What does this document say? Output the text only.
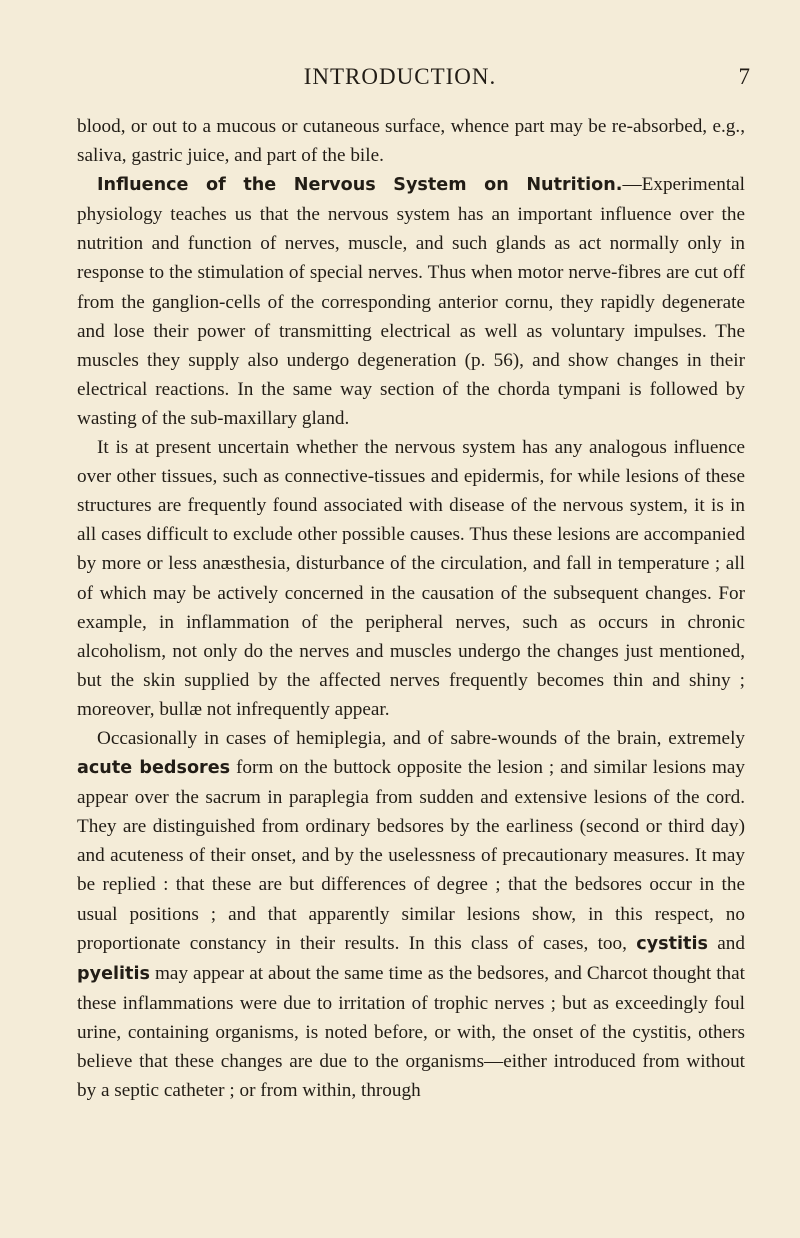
INTRODUCTION.	7

blood, or out to a mucous or cutaneous surface, whence part may be re-absorbed, e.g., saliva, gastric juice, and part of the bile.

Influence of the Nervous System on Nutrition.—Experimental physiology teaches us that the nervous system has an important influence over the nutrition and function of nerves, muscle, and such glands as act normally only in response to the stimulation of special nerves. Thus when motor nerve-fibres are cut off from the ganglion-cells of the corresponding anterior cornu, they rapidly degenerate and lose their power of transmitting electrical as well as voluntary impulses. The muscles they supply also undergo degeneration (p. 56), and show changes in their electrical reactions. In the same way section of the chorda tympani is followed by wasting of the sub-maxillary gland.

It is at present uncertain whether the nervous system has any analogous influence over other tissues, such as connective-tissues and epidermis, for while lesions of these structures are frequently found associated with disease of the nervous system, it is in all cases difficult to exclude other possible causes. Thus these lesions are accompanied by more or less anæsthesia, disturbance of the circulation, and fall in temperature ; all of which may be actively concerned in the causation of the subsequent changes. For example, in inflammation of the peripheral nerves, such as occurs in chronic alcoholism, not only do the nerves and muscles undergo the changes just mentioned, but the skin supplied by the affected nerves frequently becomes thin and shiny ; moreover, bullæ not infrequently appear.

Occasionally in cases of hemiplegia, and of sabre-wounds of the brain, extremely acute bedsores form on the buttock opposite the lesion ; and similar lesions may appear over the sacrum in paraplegia from sudden and extensive lesions of the cord. They are distinguished from ordinary bedsores by the earliness (second or third day) and acuteness of their onset, and by the uselessness of precautionary measures. It may be replied : that these are but differences of degree ; that the bedsores occur in the usual positions ; and that apparently similar lesions show, in this respect, no proportionate constancy in their results. In this class of cases, too, cystitis and pyelitis may appear at about the same time as the bedsores, and Charcot thought that these inflammations were due to irritation of trophic nerves ; but as exceedingly foul urine, containing organisms, is noted before, or with, the onset of the cystitis, others believe that these changes are due to the organisms—either introduced from without by a septic catheter ; or from within, through
